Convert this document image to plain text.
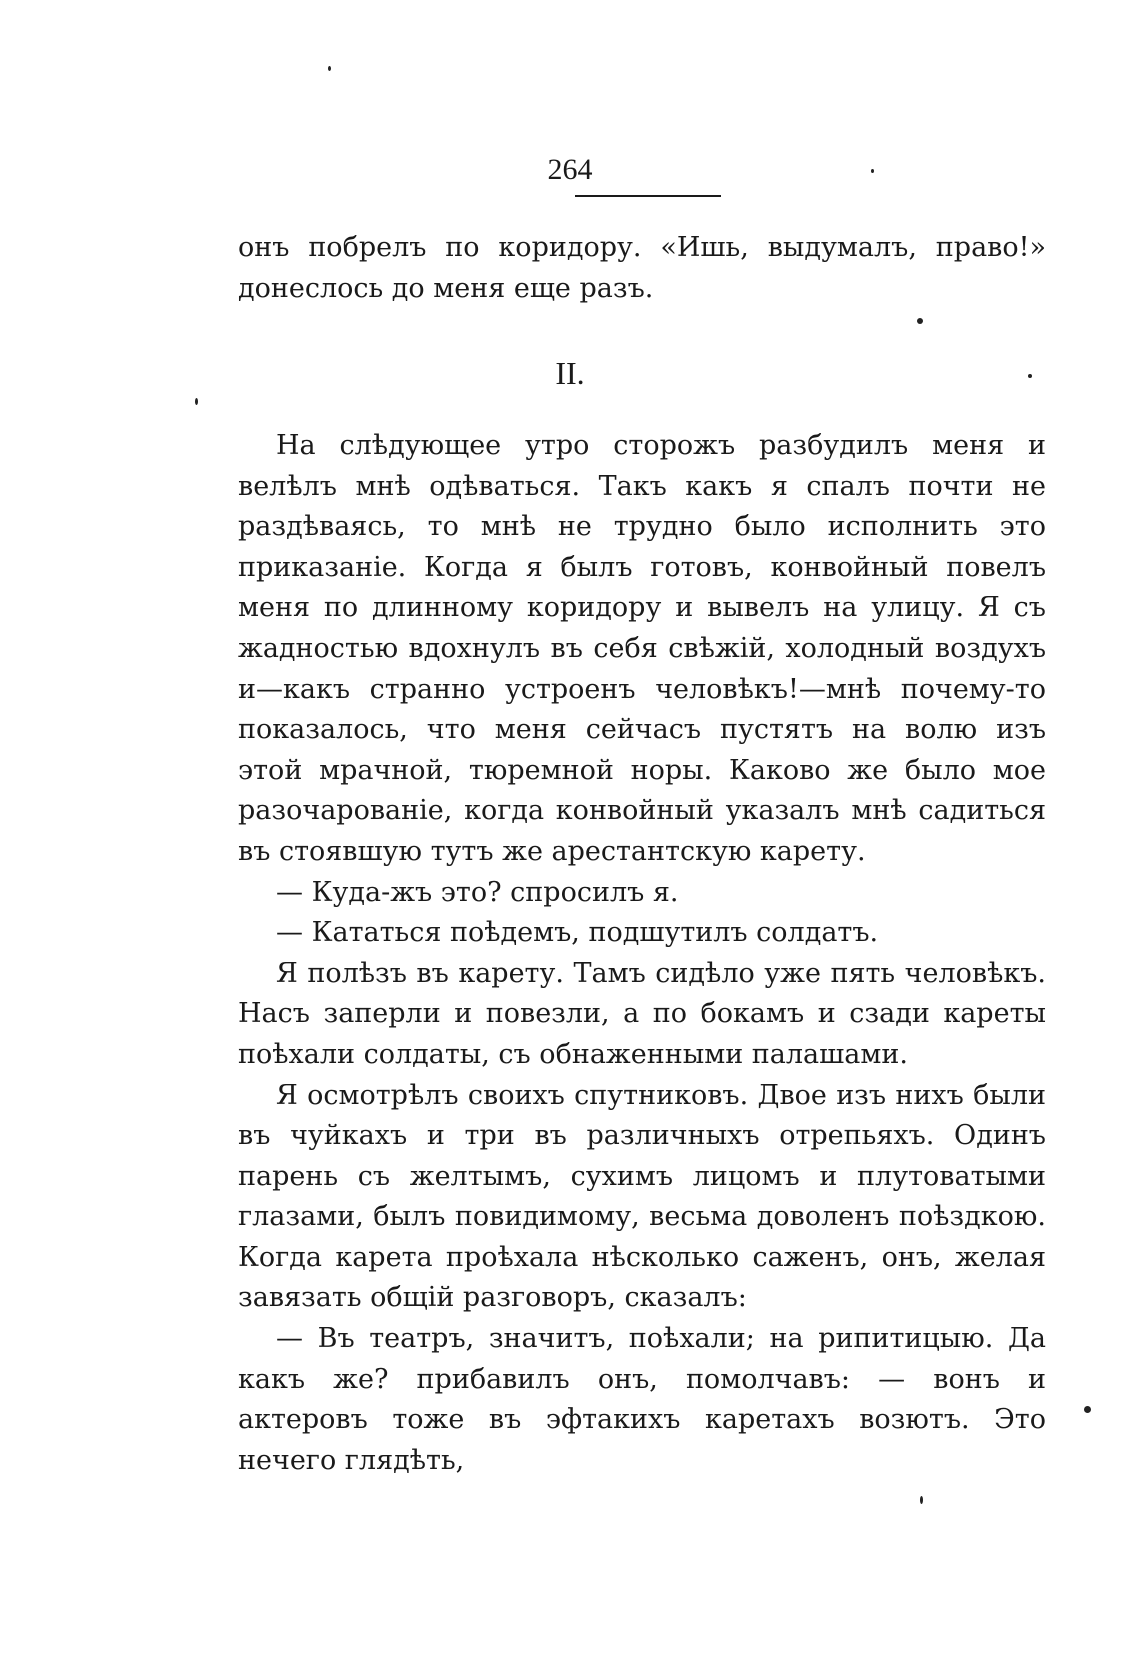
264

онъ побрелъ по коридору. «Ишь, выдумалъ, право!» донеслось до меня еще разъ.

II.

На слѣдующее утро сторожъ разбудилъ меня и велѣлъ мнѣ одѣваться. Такъ какъ я спалъ почти не раздѣваясь, то мнѣ не трудно было исполнить это приказаніе. Когда я былъ готовъ, конвойный повелъ меня по длинному коридору и вывелъ на улицу. Я съ жадностью вдохнулъ въ себя свѣжій, холодный воздухъ и—какъ странно устроенъ человѣкъ!—мнѣ почему-то показалось, что меня сейчасъ пустятъ на волю изъ этой мрачной, тюремной норы. Каково же было мое разочарованіе, когда конвойный указалъ мнѣ садиться въ стоявшую тутъ же арестантскую карету.

— Куда-жъ это? спросилъ я.

— Кататься поѣдемъ, подшутилъ солдатъ.

Я полѣзъ въ карету. Тамъ сидѣло уже пять человѣкъ. Насъ заперли и повезли, а по бокамъ и сзади кареты поѣхали солдаты, съ обнаженными палашами.

Я осмотрѣлъ своихъ спутниковъ. Двое изъ нихъ были въ чуйкахъ и три въ различныхъ отрепьяхъ. Одинъ парень съ желтымъ, сухимъ лицомъ и плутоватыми глазами, былъ повидимому, весьма доволенъ поѣздкою. Когда карета проѣхала нѣсколько саженъ, онъ, желая завязать общій разговоръ, сказалъ:

— Въ театръ, значитъ, поѣхали; на рипитицыю. Да какъ же? прибавилъ онъ, помолчавъ: — вонъ и актеровъ тоже въ эфтакихъ каретахъ возютъ. Это нечего глядѣть,
